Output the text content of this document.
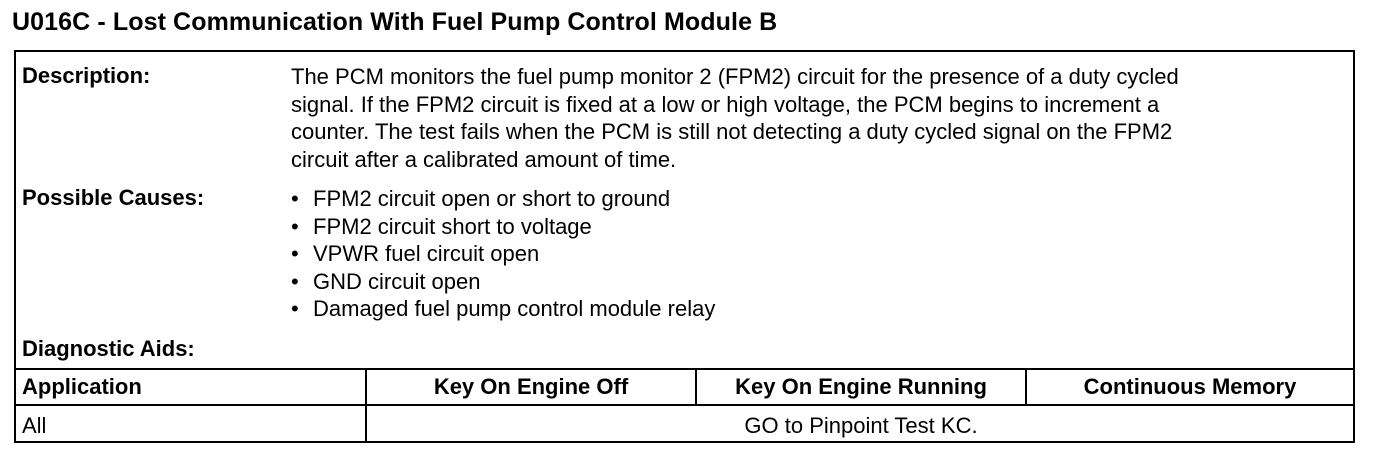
U016C - Lost Communication With Fuel Pump Control Module B
Description:	The PCM monitors the fuel pump monitor 2 (FPM2) circuit for the presence of a duty cycled
signal. If the FPM2 circuit is fixed at a low or high voltage, the PCM begins to increment a
counter. The test fails when the PCM is still not detecting a duty cycled signal on the FPM2
circuit after a calibrated amount of time.
Possible Causes:	• FPM2 circuit open or short to ground
• FPM2 circuit short to voltage
• VPWR fuel circuit open
• GND circuit open
• Damaged fuel pump control module relay
Diagnostic Aids:
Application	Key On Engine Off	Key On Engine Running	Continuous Memory
All	GO to Pinpoint Test KC.
